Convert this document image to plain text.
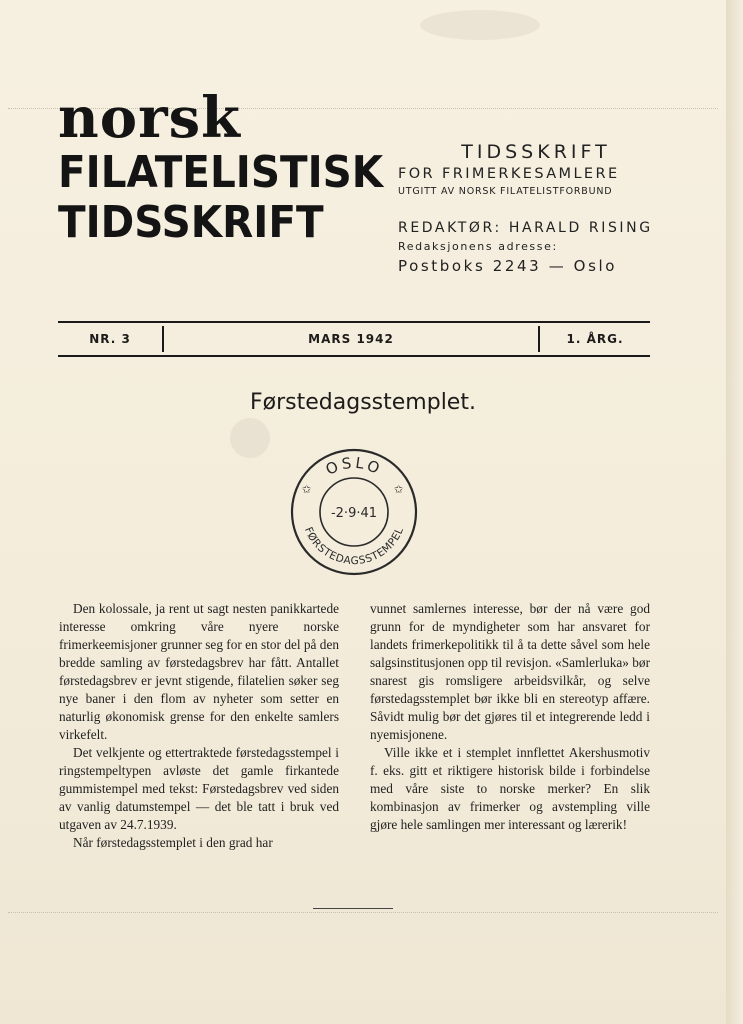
norsk
FILATELISTISK
TIDSSKRIFT
TIDSSKRIFT
FOR FRIMERKESAMLERE
UTGITT AV NORSK FILATELISTFORBUND
REDAKTØR: HARALD RISING
Redaksjonens adresse:
Postboks 2243 — Oslo
NR. 3	MARS 1942	1. ÅRG.
Førstedagsstemplet.
OSLO
FØRSTEDAGSSTEMPEL
✩	✩
-2·9·41

Den kolossale, ja rent ut sagt nesten panikkartede interesse omkring våre nyere norske frimerkeemisjoner grunner seg for en stor del på den bredde samling av førstedagsbrev har fått. Antallet førstedagsbrev er jevnt stigende, filatelien søker seg nye baner i den flom av nyheter som setter en naturlig økonomisk grense for den enkelte samlers virkefelt.

Det velkjente og ettertraktede førstedagsstempel i ringstempeltypen avløste det gamle firkantede gummistempel med tekst: Førstedagsbrev ved siden av vanlig datumstempel — det ble tatt i bruk ved utgaven av 24.7.1939.

Når førstedagsstemplet i den grad har

vunnet samlernes interesse, bør der nå være god grunn for de myndigheter som har ansvaret for landets frimerkepolitikk til å ta dette såvel som hele salgsinstitusjonen opp til revisjon. «Samlerluka» bør snarest gis romsligere arbeidsvilkår, og selve førstedagsstemplet bør ikke bli en stereotyp affære. Såvidt mulig bør det gjøres til et integrerende ledd i nyemisjonene.

Ville ikke et i stemplet innflettet Akershusmotiv f. eks. gitt et riktigere historisk bilde i forbindelse med våre siste to norske merker? En slik kombinasjon av frimerker og avstempling ville gjøre hele samlingen mer interessant og lærerik!
